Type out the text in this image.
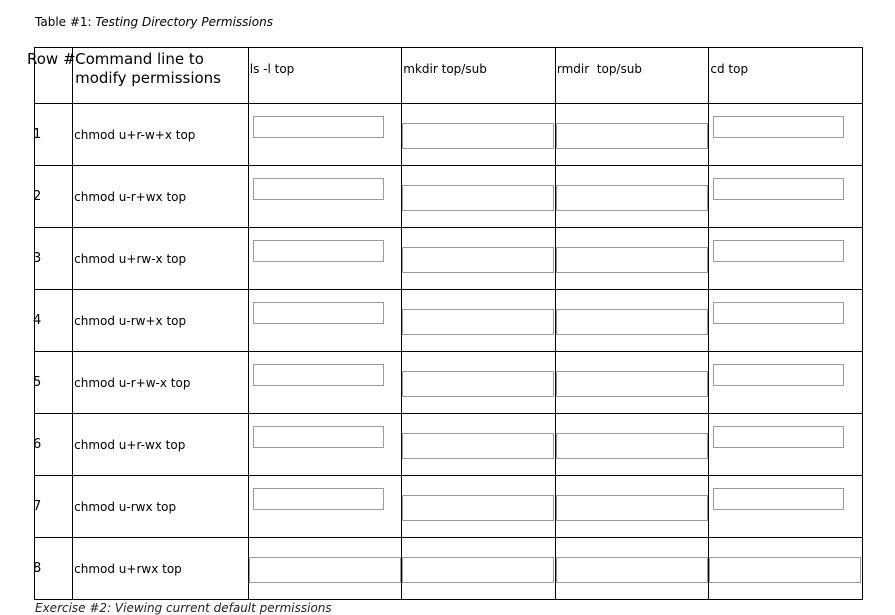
Table #1: Testing Directory Permissions
Row #	Command line to modify permissions	ls -l top	mkdir top/sub	rmdir  top/sub	cd top

1	chmod u+r-w+x top

2	chmod u-r+wx top

3	chmod u+rw-x top

4	chmod u-rw+x top

5	chmod u-r+w-x top

6	chmod u+r-wx top

7	chmod u-rwx top

8	chmod u+rwx top

Exercise #2: Viewing current default permissions
